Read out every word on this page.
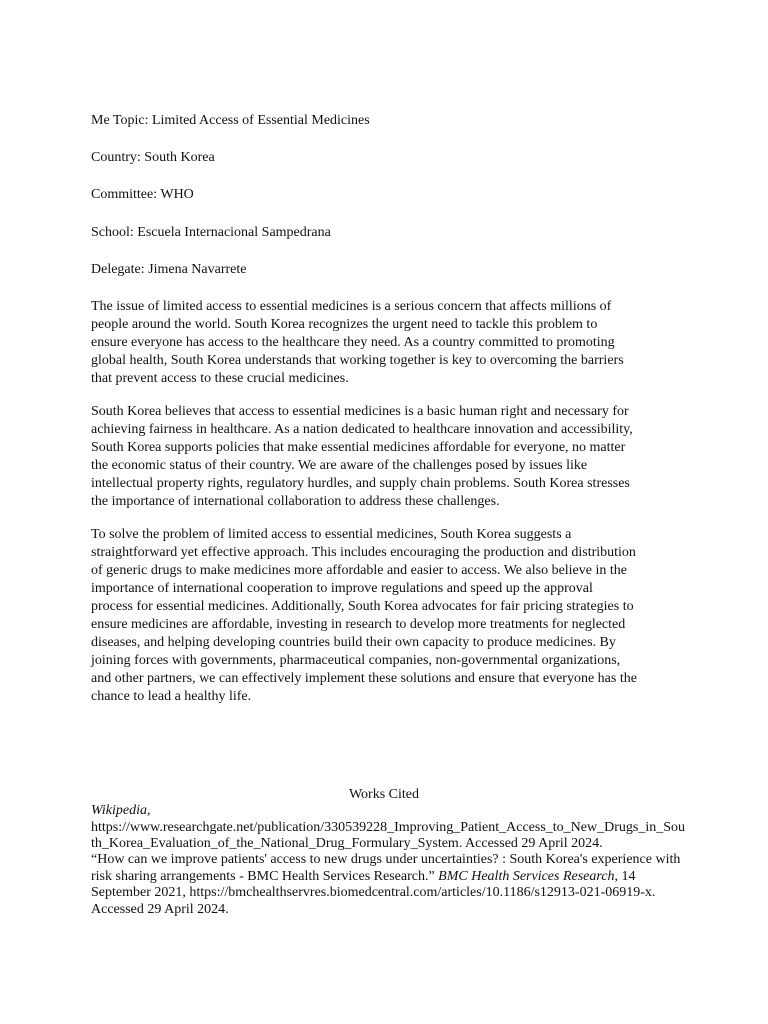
Me Topic: Limited Access of Essential Medicines

Country: South Korea

Committee: WHO

School: Escuela Internacional Sampedrana

Delegate: Jimena Navarrete

The issue of limited access to essential medicines is a serious concern that affects millions of
people around the world. South Korea recognizes the urgent need to tackle this problem to
ensure everyone has access to the healthcare they need. As a country committed to promoting
global health, South Korea understands that working together is key to overcoming the barriers
that prevent access to these crucial medicines.
South Korea believes that access to essential medicines is a basic human right and necessary for
achieving fairness in healthcare. As a nation dedicated to healthcare innovation and accessibility,
South Korea supports policies that make essential medicines affordable for everyone, no matter
the economic status of their country. We are aware of the challenges posed by issues like
intellectual property rights, regulatory hurdles, and supply chain problems. South Korea stresses
the importance of international collaboration to address these challenges.
To solve the problem of limited access to essential medicines, South Korea suggests a
straightforward yet effective approach. This includes encouraging the production and distribution
of generic drugs to make medicines more affordable and easier to access. We also believe in the
importance of international cooperation to improve regulations and speed up the approval
process for essential medicines. Additionally, South Korea advocates for fair pricing strategies to
ensure medicines are affordable, investing in research to develop more treatments for neglected
diseases, and helping developing countries build their own capacity to produce medicines. By
joining forces with governments, pharmaceutical companies, non-governmental organizations,
and other partners, we can effectively implement these solutions and ensure that everyone has the
chance to lead a healthy life.
Works Cited
Wikipedia,
https://www.researchgate.net/publication/330539228_Improving_Patient_Access_to_New_Drugs_in_Sou
th_Korea_Evaluation_of_the_National_Drug_Formulary_System. Accessed 29 April 2024.
“How can we improve patients' access to new drugs under uncertainties? : South Korea's experience with
risk sharing arrangements - BMC Health Services Research.” BMC Health Services Research, 14
September 2021, https://bmchealthservres.biomedcentral.com/articles/10.1186/s12913-021-06919-x.
Accessed 29 April 2024.
